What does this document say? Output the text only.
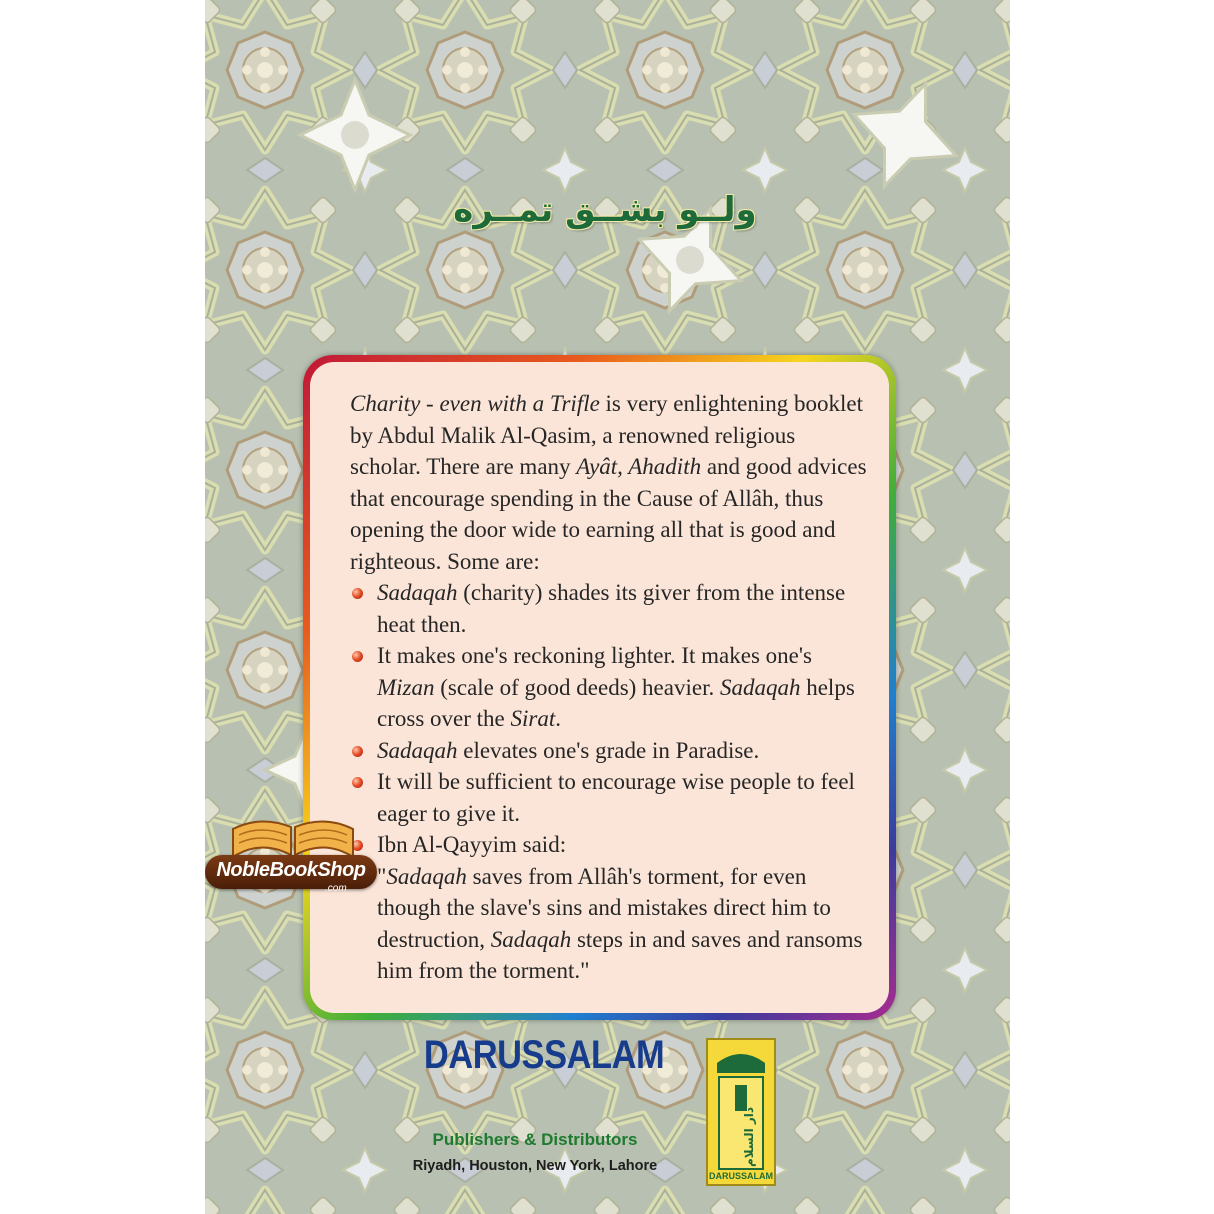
ولــو بشــق تمــره

Charity - even with a Trifle is very enlightening booklet by Abdul Malik Al-Qasim, a renowned religious scholar. There are many Ayât, Ahadith and good advices that encourage spending in the Cause of Allâh, thus opening the door wide to earning all that is good and righteous. Some are:

Sadaqah (charity) shades its giver from the intense heat then.
It makes one's reckoning lighter. It makes one's Mizan (scale of good deeds) heavier. Sadaqah helps cross over the Sirat.
Sadaqah elevates one's grade in Paradise.
It will be sufficient to encourage wise people to feel eager to give it.
Ibn Al-Qayyim said:

"Sadaqah saves from Allâh's torment, for even though the slave's sins and mistakes direct him to destruction, Sadaqah steps in and saves and ransoms him from the torment."

NobleBookShop
.com
DARUSSALAM
Publishers & Distributors
Riyadh, Houston, New York, Lahore	دار السلام
DARUSSALAM
